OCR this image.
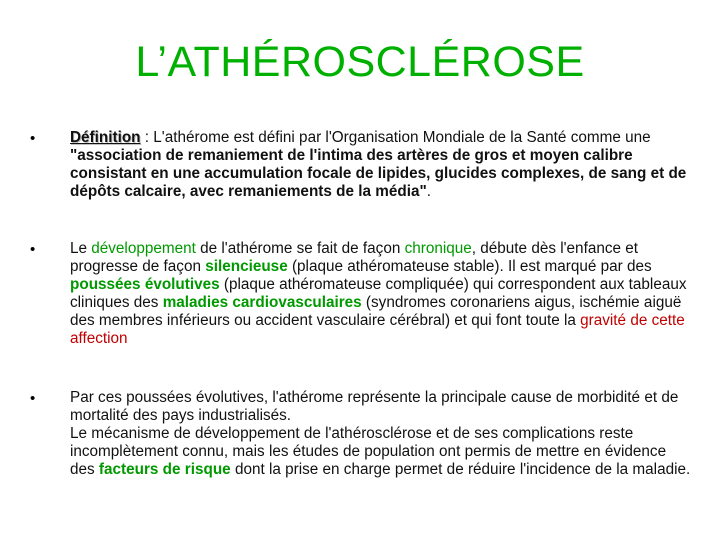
L’ATHÉROSCLÉROSE
• Définition : L'athérome est défini par l'Organisation Mondiale de la Santé comme une "association de remaniement de l'intima des artères de gros et moyen calibre consistant en une accumulation focale de lipides, glucides complexes, de sang et de dépôts calcaire, avec remaniements de la média".
• Le développement de l'athérome se fait de façon chronique, débute dès l'enfance et progresse de façon silencieuse (plaque athéromateuse stable). Il est marqué par des poussées évolutives (plaque athéromateuse compliquée) qui correspondent aux tableaux cliniques des maladies cardiovasculaires (syndromes coronariens aigus, ischémie aiguë des membres inférieurs ou accident vasculaire cérébral) et qui font toute la gravité de cette affection
• Par ces poussées évolutives, l'athérome représente la principale cause de morbidité et de mortalité des pays industrialisés.
Le mécanisme de développement de l'athérosclérose et de ses complications reste incomplètement connu, mais les études de population ont permis de mettre en évidence des facteurs de risque dont la prise en charge permet de réduire l'incidence de la maladie.
